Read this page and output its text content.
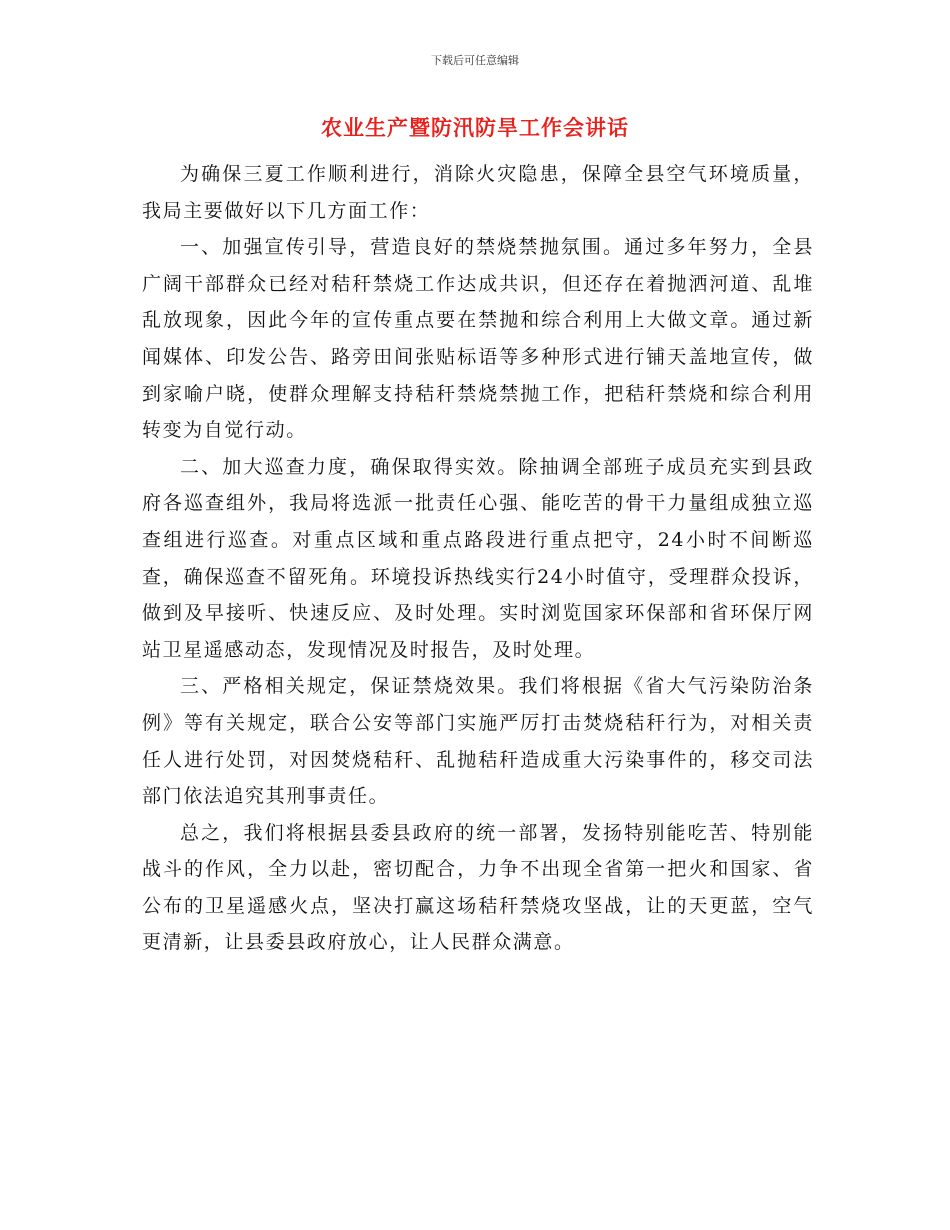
下载后可任意编辑
农业生产暨防汛防旱工作会讲话

为确保三夏工作顺利进行，消除火灾隐患，保障全县空气环境质量，我局主要做好以下几方面工作：

一、加强宣传引导，营造良好的禁烧禁抛氛围。通过多年努力，全县广阔干部群众已经对秸秆禁烧工作达成共识，但还存在着抛洒河道、乱堆乱放现象，因此今年的宣传重点要在禁抛和综合利用上大做文章。通过新闻媒体、印发公告、路旁田间张贴标语等多种形式进行铺天盖地宣传，做到家喻户晓，使群众理解支持秸秆禁烧禁抛工作，把秸秆禁烧和综合利用转变为自觉行动。

二、加大巡查力度，确保取得实效。除抽调全部班子成员充实到县政府各巡查组外，我局将选派一批责任心强、能吃苦的骨干力量组成独立巡查组进行巡查。对重点区域和重点路段进行重点把守，24小时不间断巡查，确保巡查不留死角。环境投诉热线实行24小时值守，受理群众投诉，做到及早接听、快速反应、及时处理。实时浏览国家环保部和省环保厅网站卫星遥感动态，发现情况及时报告，及时处理。

三、严格相关规定，保证禁烧效果。我们将根据《省大气污染防治条例》等有关规定，联合公安等部门实施严厉打击焚烧秸秆行为，对相关责任人进行处罚，对因焚烧秸秆、乱抛秸秆造成重大污染事件的，移交司法部门依法追究其刑事责任。

总之，我们将根据县委县政府的统一部署，发扬特别能吃苦、特别能战斗的作风，全力以赴，密切配合，力争不出现全省第一把火和国家、省公布的卫星遥感火点，坚决打赢这场秸秆禁烧攻坚战，让的天更蓝，空气更清新，让县委县政府放心，让人民群众满意。
